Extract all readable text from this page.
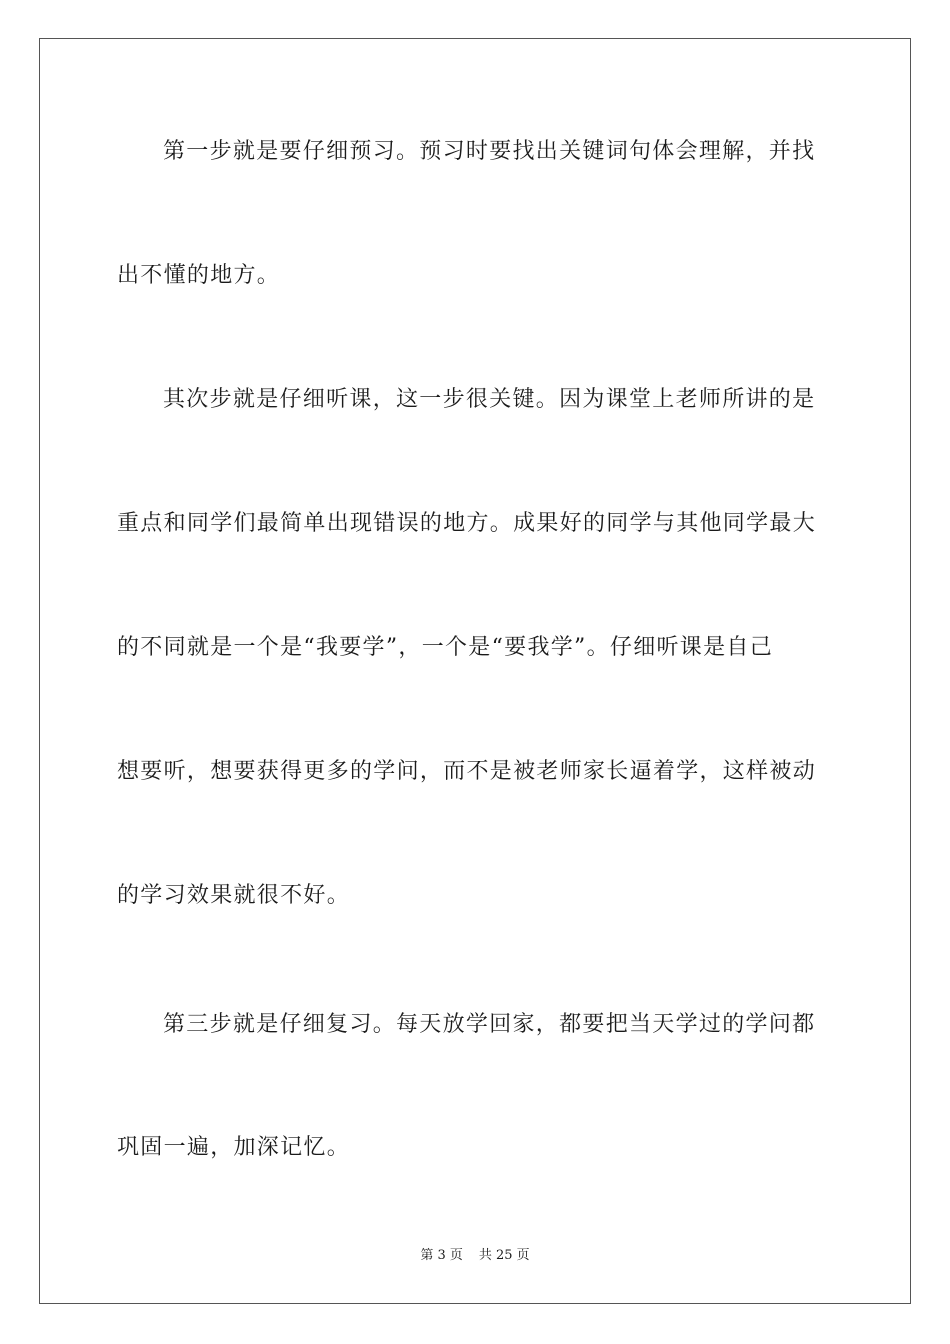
第一步就是要仔细预习。预习时要找出关键词句体会理解，并找
出不懂的地方。
其次步就是仔细听课，这一步很关键。因为课堂上老师所讲的是
重点和同学们最简单出现错误的地方。成果好的同学与其他同学最大
的不同就是一个是“我要学”，一个是“要我学”。仔细听课是自己
想要听，想要获得更多的学问，而不是被老师家长逼着学，这样被动
的学习效果就很不好。
第三步就是仔细复习。每天放学回家，都要把当天学过的学问都
巩固一遍，加深记忆。
第 3 页 共 25 页
